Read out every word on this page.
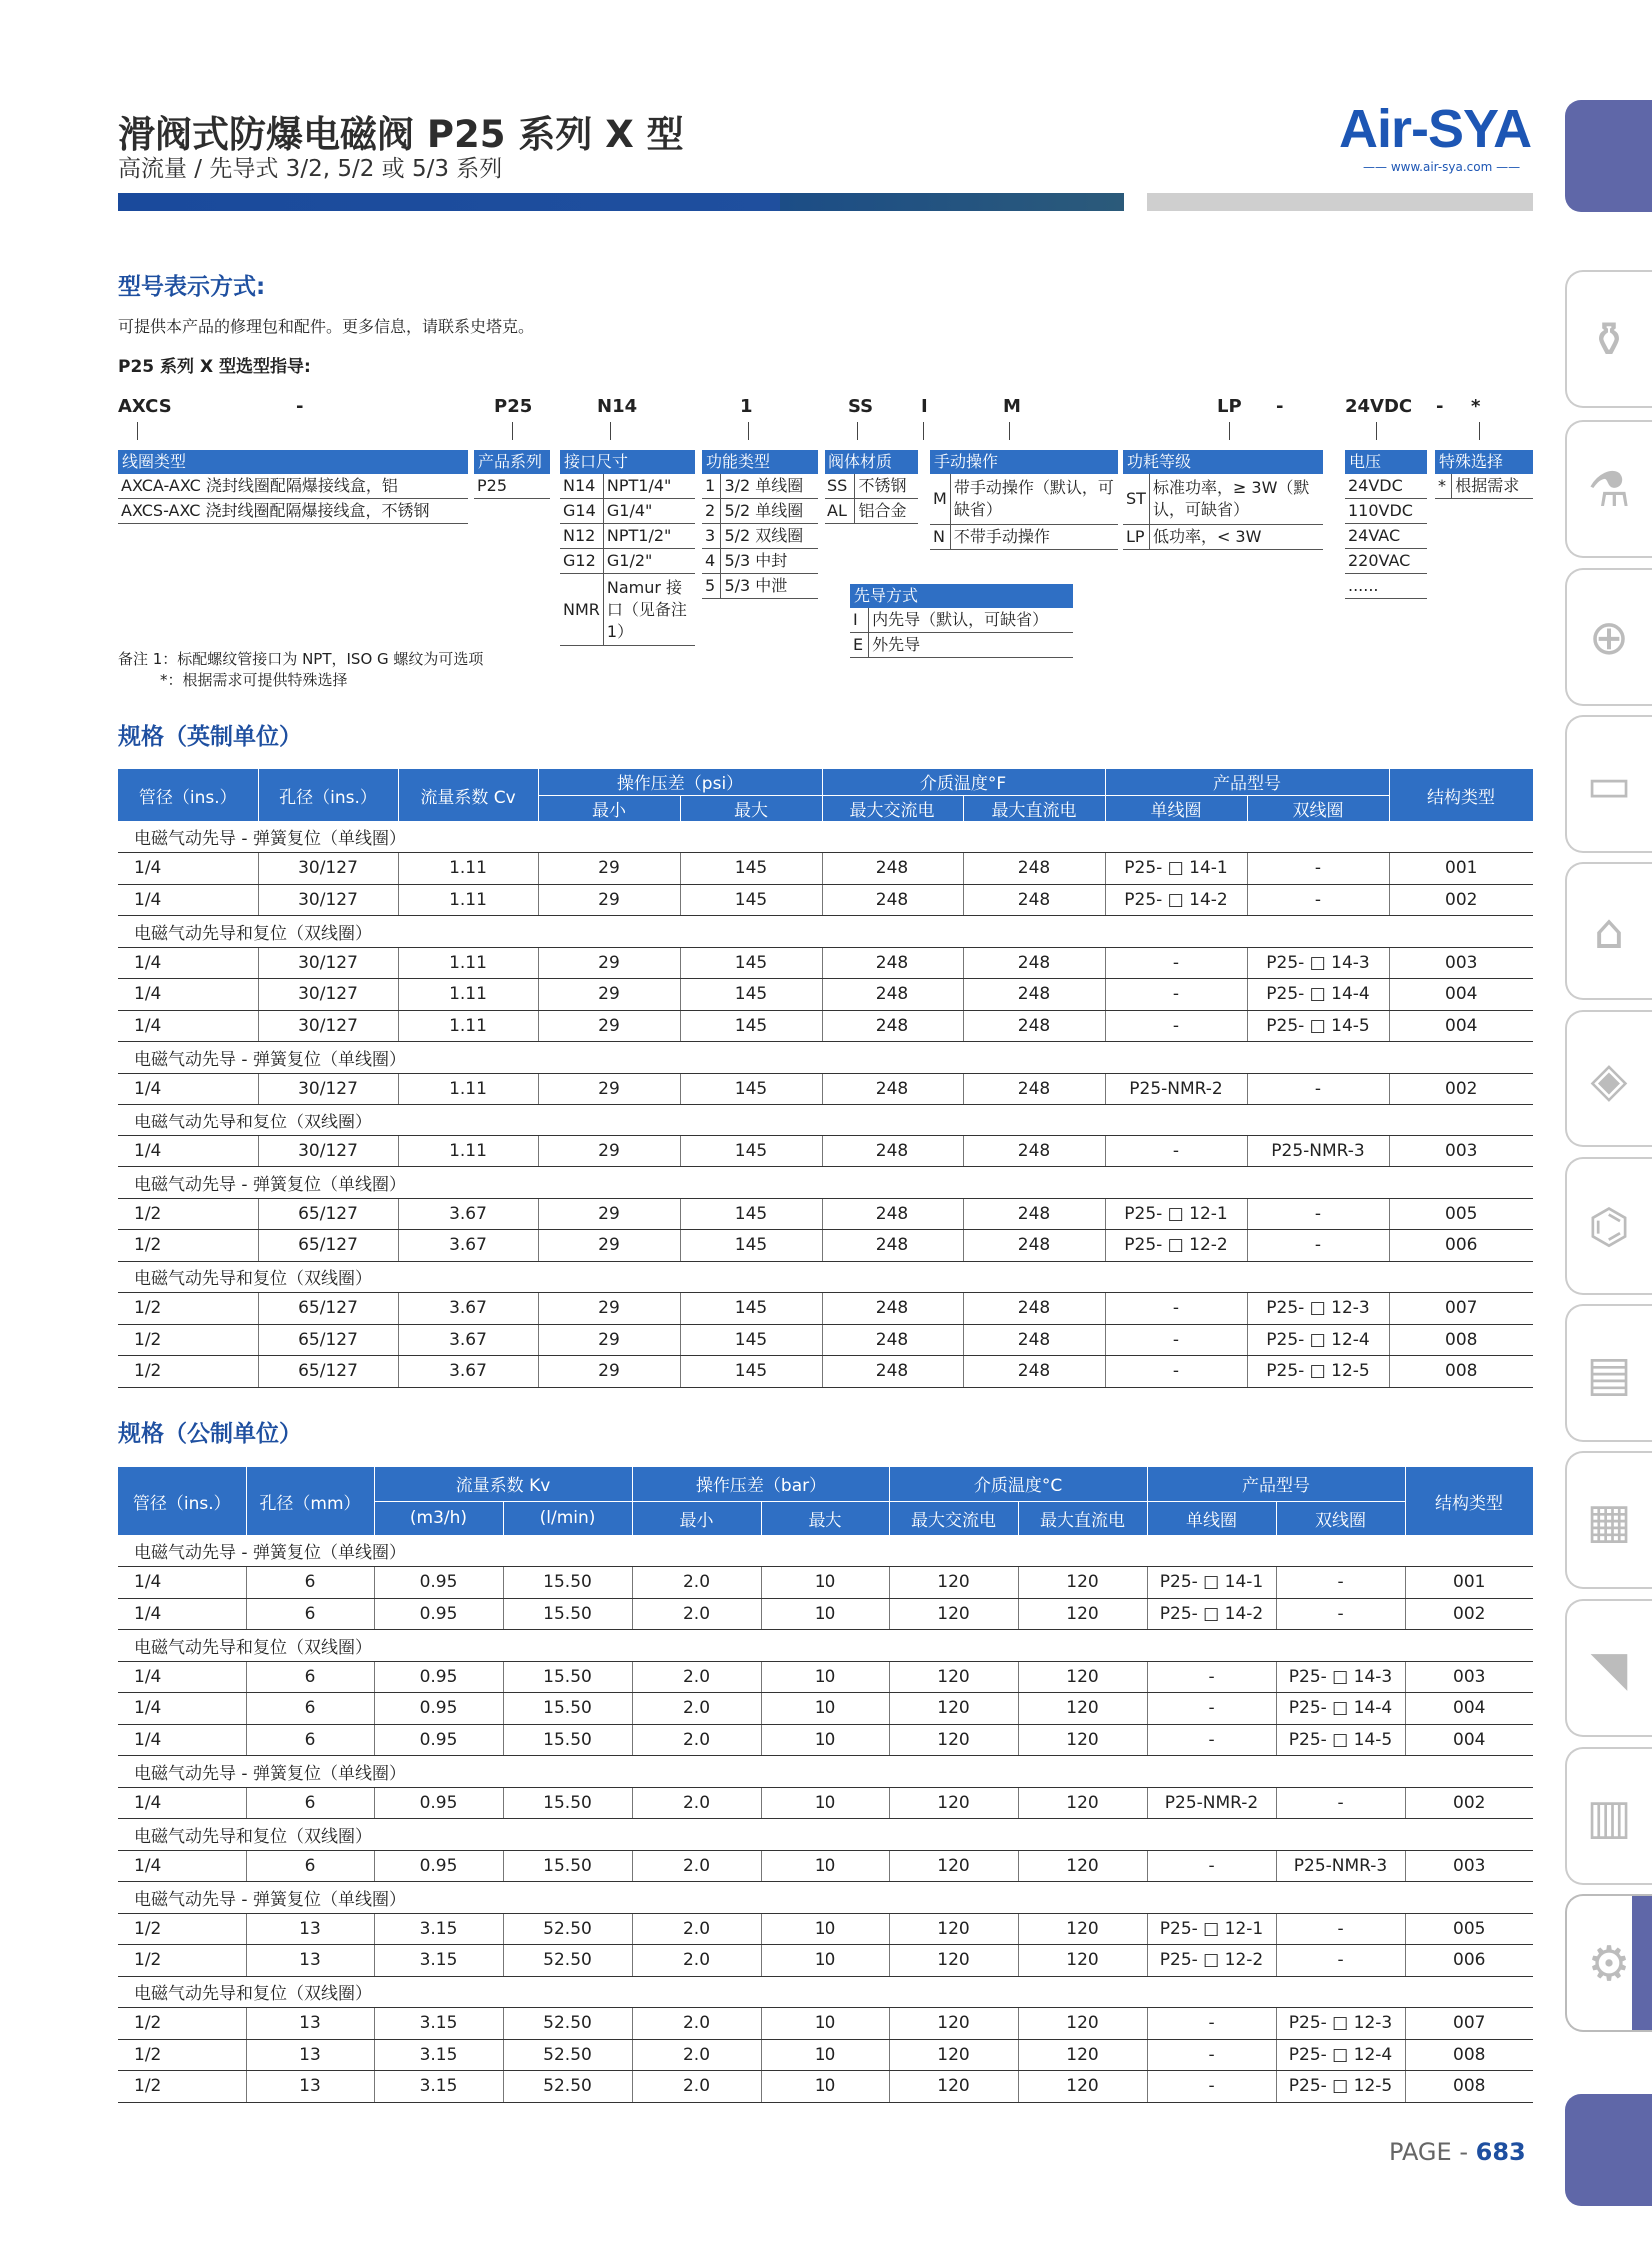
滑阀式防爆电磁阀 P25 系列 X 型
高流量 / 先导式 3/2, 5/2 或 5/3 系列
Air-SYA
—— www.air-sya.com ——
⚱
⚗
⊕
▭
⌂
◈
⌬
▤
▦
◥
▥
⚙
型号表示方式:
可提供本产品的修理包和配件。更多信息，请联系史塔克。
P25 系列 X 型选型指导:
AXCS	-	P25	N14	1	SS	I	M	LP -	24VDC - *
线圈类型
AXCA-AXC 浇封线圈配隔爆接线盒，铝
AXCS-AXC 浇封线圈配隔爆接线盒，不锈钢
产品系列
P25
接口尺寸
N14	NPT1/4"
G14	G1/4"
N12	NPT1/2"
G12	G1/2"
NMR	Namur 接口（见备注 1）
功能类型
1	3/2 单线圈
2	5/2 单线圈
3	5/2 双线圈
4	5/3 中封
5	5/3 中泄
阀体材质
SS	不锈钢
AL	铝合金
手动操作
M	带手动操作（默认，可缺省）
N	不带手动操作
先导方式
I	内先导（默认，可缺省）
E	外先导
功耗等级
ST	标准功率，≥ 3W（默认，可缺省）
LP	低功率，< 3W
电压
24VDC
110VDC
24VAC
220VAC
......
特殊选择
*	根据需求
备注 1：标配螺纹管接口为 NPT，ISO G 螺纹为可选项
*：根据需求可提供特殊选择
规格（英制单位）
管径（ins.）	孔径（ins.）	流量系数 Cv	操作压差（psi）		介质温度°F		产品型号		结构类型
			最小	最大	最大交流电	最大直流电	单线圈	双线圈	
电磁气动先导 - 弹簧复位（单线圈）									
1/4	30/127	1.11	29	145	248	248	P25- □ 14-1	-	001
1/4	30/127	1.11	29	145	248	248	P25- □ 14-2	-	002
电磁气动先导和复位（双线圈）									
1/4	30/127	1.11	29	145	248	248	-	P25- □ 14-3	003
1/4	30/127	1.11	29	145	248	248	-	P25- □ 14-4	004
1/4	30/127	1.11	29	145	248	248	-	P25- □ 14-5	004
电磁气动先导 - 弹簧复位（单线圈）									
1/4	30/127	1.11	29	145	248	248	P25-NMR-2	-	002
电磁气动先导和复位（双线圈）									
1/4	30/127	1.11	29	145	248	248	-	P25-NMR-3	003
电磁气动先导 - 弹簧复位（单线圈）									
1/2	65/127	3.67	29	145	248	248	P25- □ 12-1	-	005
1/2	65/127	3.67	29	145	248	248	P25- □ 12-2	-	006
电磁气动先导和复位（双线圈）									
1/2	65/127	3.67	29	145	248	248	-	P25- □ 12-3	007
1/2	65/127	3.67	29	145	248	248	-	P25- □ 12-4	008
1/2	65/127	3.67	29	145	248	248	-	P25- □ 12-5	008
规格（公制单位）
管径（ins.）	孔径（mm）	流量系数 Kv		操作压差（bar）		介质温度°C		产品型号		结构类型
		(m3/h)	(l/min)	最小	最大	最大交流电	最大直流电	单线圈	双线圈	
电磁气动先导 - 弹簧复位（单线圈）										
1/4	6	0.95	15.50	2.0	10	120	120	P25- □ 14-1	-	001
1/4	6	0.95	15.50	2.0	10	120	120	P25- □ 14-2	-	002
电磁气动先导和复位（双线圈）										
1/4	6	0.95	15.50	2.0	10	120	120	-	P25- □ 14-3	003
1/4	6	0.95	15.50	2.0	10	120	120	-	P25- □ 14-4	004
1/4	6	0.95	15.50	2.0	10	120	120	-	P25- □ 14-5	004
电磁气动先导 - 弹簧复位（单线圈）										
1/4	6	0.95	15.50	2.0	10	120	120	P25-NMR-2	-	002
电磁气动先导和复位（双线圈）										
1/4	6	0.95	15.50	2.0	10	120	120	-	P25-NMR-3	003
电磁气动先导 - 弹簧复位（单线圈）										
1/2	13	3.15	52.50	2.0	10	120	120	P25- □ 12-1	-	005
1/2	13	3.15	52.50	2.0	10	120	120	P25- □ 12-2	-	006
电磁气动先导和复位（双线圈）										
1/2	13	3.15	52.50	2.0	10	120	120	-	P25- □ 12-3	007
1/2	13	3.15	52.50	2.0	10	120	120	-	P25- □ 12-4	008
1/2	13	3.15	52.50	2.0	10	120	120	-	P25- □ 12-5	008
PAGE - 683
